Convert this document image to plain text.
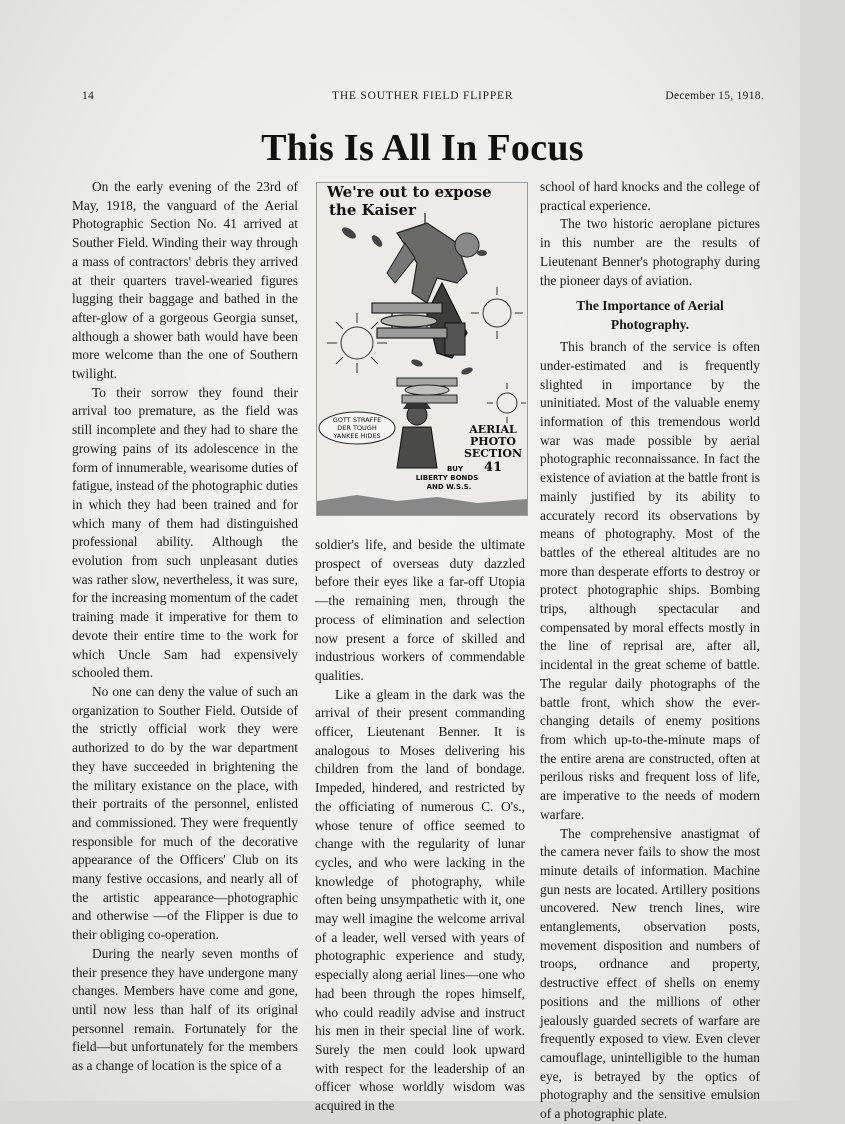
14	THE SOUTHER FIELD FLIPPER	December 15, 1918.
This Is All In Focus

On the early evening of the 23rd of May, 1918, the vanguard of the Aerial Photographic Section No. 41 arrived at Souther Field. Winding their way through a mass of contractors' debris they arrived at their quarters travel-wearied figures lugging their baggage and bathed in the after-glow of a gorgeous Georgia sunset, although a shower bath would have been more welcome than the one of Southern twilight.

To their sorrow they found their arrival too premature, as the field was still incomplete and they had to share the growing pains of its adolescence in the form of innumerable, wearisome duties of fatigue, instead of the photographic duties in which they had been trained and for which many of them had distinguished professional ability. Although the evolution from such unpleasant duties was rather slow, nevertheless, it was sure, for the increasing momentum of the cadet training made it imperative for them to devote their entire time to the work for which Uncle Sam had expensively schooled them.

No one can deny the value of such an organization to Souther Field. Outside of the strictly official work they were authorized to do by the war department they have succeeded in brightening the the military existance on the place, with their portraits of the personnel, enlisted and commissioned. They were frequently responsible for much of the decorative appearance of the Officers' Club on its many festive occasions, and nearly all of the artistic appearance—photographic and otherwise —of the Flipper is due to their obliging co-operation.

During the nearly seven months of their presence they have undergone many changes. Members have come and gone, until now less than half of its original personnel remain. Fortunately for the field—but unfortunately for the members as a change of location is the spice of a

We're out to expose
the Kaiser
GOTT STRAFFE
DER TOUGH
YANKEE HIDES	AERIAL
PHOTO
SECTION
41
BUY
LIBERTY BONDS
AND W.S.S.

soldier's life, and beside the ultimate prospect of overseas duty dazzled before their eyes like a far-off Utopia—the remaining men, through the process of elimination and selection now present a force of skilled and industrious workers of commendable qualities.

Like a gleam in the dark was the arrival of their present commanding officer, Lieutenant Benner. It is analogous to Moses delivering his children from the land of bondage. Impeded, hindered, and restricted by the officiating of numerous C. O's., whose tenure of office seemed to change with the regularity of lunar cycles, and who were lacking in the knowledge of photography, while often being unsympathetic with it, one may well imagine the welcome arrival of a leader, well versed with years of photographic experience and study, especially along aerial lines—one who had been through the ropes himself, who could readily advise and instruct his men in their special line of work. Surely the men could look upward with respect for the leadership of an officer whose worldly wisdom was acquired in the

school of hard knocks and the college of practical experience.

The two historic aeroplane pictures in this number are the results of Lieutenant Benner's photography during the pioneer days of aviation.

The Importance of Aerial Photography.

This branch of the service is often under-estimated and is frequently slighted in importance by the uninitiated. Most of the valuable enemy information of this tremendous world war was made possible by aerial photographic reconnaissance. In fact the existence of aviation at the battle front is mainly justified by its ability to accurately record its observations by means of photography. Most of the battles of the ethereal altitudes are no more than desperate efforts to destroy or protect photographic ships. Bombing trips, although spectacular and compensated by moral effects mostly in the line of reprisal are, after all, incidental in the great scheme of battle. The regular daily photographs of the battle front, which show the ever-changing details of enemy positions from which up-to-the-minute maps of the entire arena are constructed, often at perilous risks and frequent loss of life, are imperative to the needs of modern warfare.

The comprehensive anastigmat of the camera never fails to show the most minute details of information. Machine gun nests are located. Artillery positions uncovered. New trench lines, wire entanglements, observation posts, movement disposition and numbers of troops, ordnance and property, destructive effect of shells on enemy positions and the millions of other jealously guarded secrets of warfare are frequently exposed to view. Even clever camouflage, unintelligible to the human eye, is betrayed by the optics of photography and the sensitive emulsion of a photographic plate.
